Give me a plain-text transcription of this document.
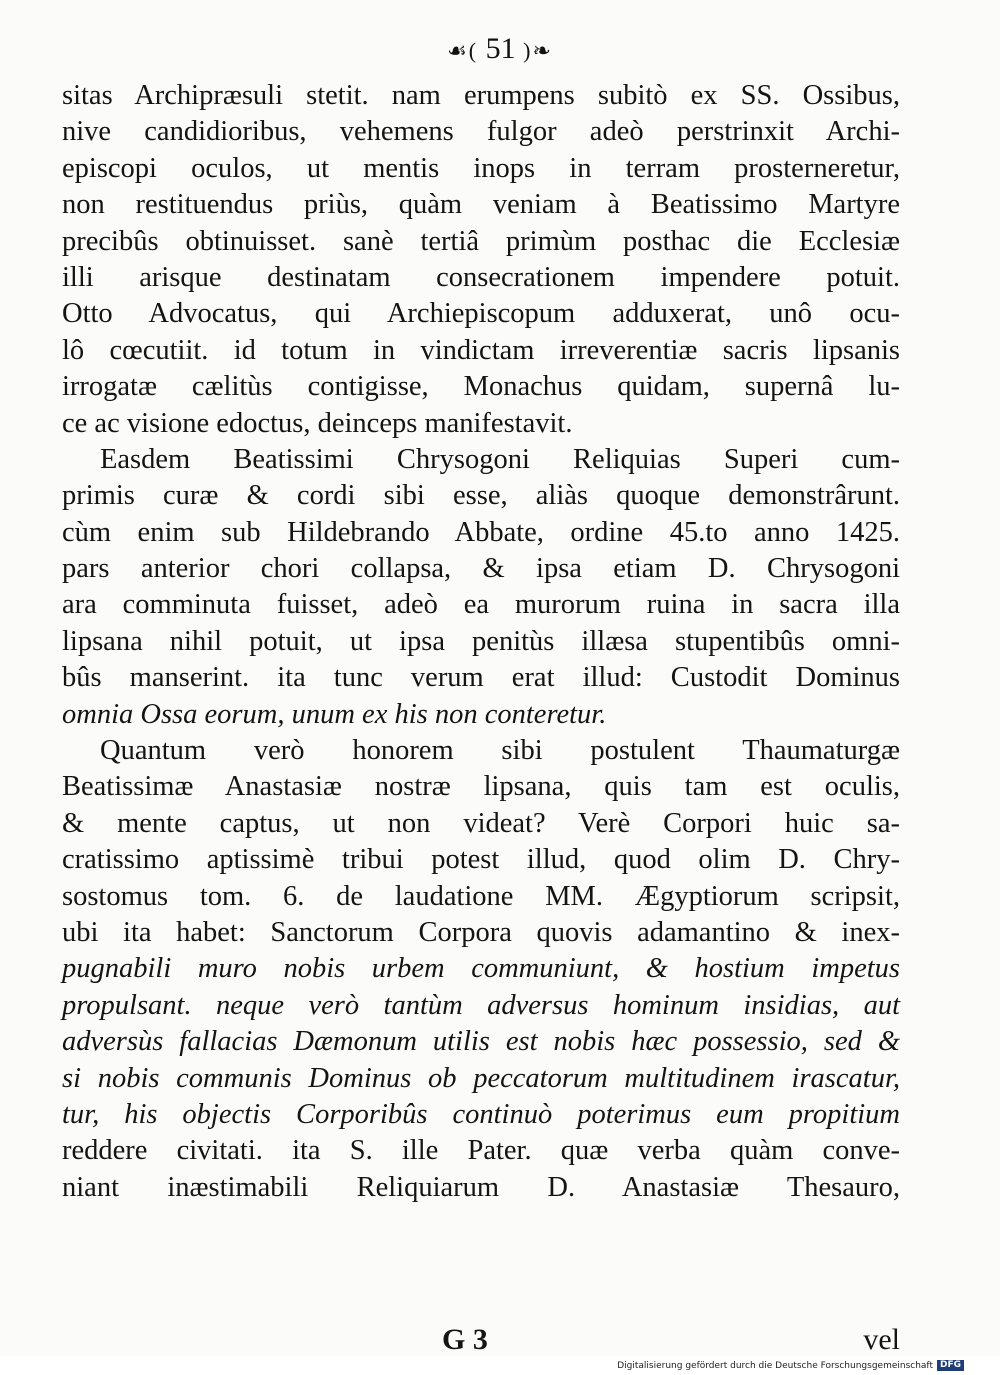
☙( 51 )❧
sitas Archipræsuli stetit. nam erumpens subitò ex SS. Ossibus,
nive candidioribus, vehemens fulgor adeò perstrinxit Archi-
episcopi oculos, ut mentis inops in terram prosterneretur,
non restituendus priùs, quàm veniam à Beatissimo Martyre
precibûs obtinuisset. sanè tertiâ primùm posthac die Ecclesiæ
illi arisque destinatam consecrationem impendere potuit.
Otto Advocatus, qui Archiepiscopum adduxerat, unô ocu-
lô cœcutiit. id totum in vindictam irreverentiæ sacris lipsanis
irrogatæ cælitùs contigisse, Monachus quidam, supernâ lu-
ce ac visione edoctus, deinceps manifestavit.
Easdem Beatissimi Chrysogoni Reliquias Superi cum-
primis curæ & cordi sibi esse, aliàs quoque demonstrârunt.
cùm enim sub Hildebrando Abbate, ordine 45.to anno 1425.
pars anterior chori collapsa, & ipsa etiam D. Chrysogoni
ara comminuta fuisset, adeò ea murorum ruina in sacra illa
lipsana nihil potuit, ut ipsa penitùs illæsa stupentibûs omni-
bûs manserint. ita tunc verum erat illud: Custodit Dominus
omnia Ossa eorum, unum ex his non conteretur.
Quantum verò honorem sibi postulent Thaumaturgæ
Beatissimæ Anastasiæ nostræ lipsana, quis tam est oculis,
& mente captus, ut non videat? Verè Corpori huic sa-
cratissimo aptissimè tribui potest illud, quod olim D. Chry-
sostomus tom. 6. de laudatione MM. Ægyptiorum scripsit,
ubi ita habet: Sanctorum Corpora quovis adamantino & inex-
pugnabili muro nobis urbem communiunt, & hostium impetus
propulsant. neque verò tantùm adversus hominum insidias, aut
adversùs fallacias Dæmonum utilis est nobis hæc possessio, sed &
si nobis communis Dominus ob peccatorum multitudinem irascatur,
tur, his objectis Corporibûs continuò poterimus eum propitium
reddere civitati. ita S. ille Pater. quæ verba quàm conve-
niant inæstimabili Reliquiarum D. Anastasiæ Thesauro,
G 3	vel
Digitalisierung gefördert durch die Deutsche Forschungsgemeinschaft DFG
